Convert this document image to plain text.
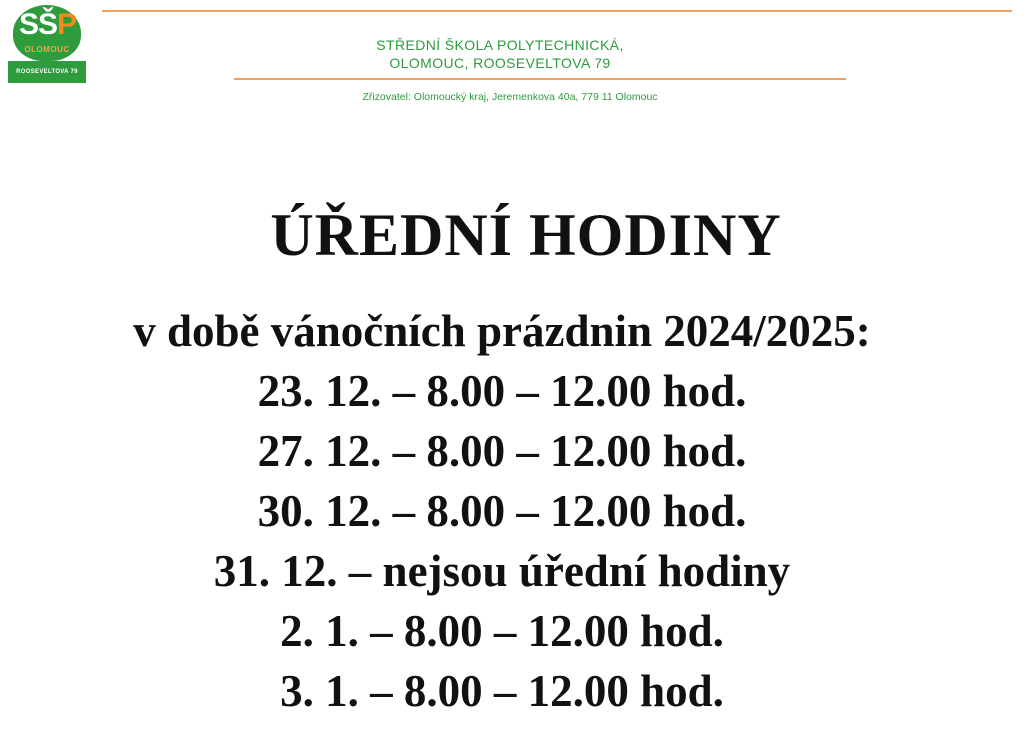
SŠP
OLOMOUC
ROOSEVELTOVA 79
STŘEDNÍ ŠKOLA POLYTECHNICKÁ,
OLOMOUC, ROOSEVELTOVA 79
Zřizovatel: Olomoucký kraj, Jeremenkova 40a, 779 11 Olomouc
ÚŘEDNÍ HODINY
v době vánočních prázdnin 2024/2025:
23. 12. – 8.00 – 12.00 hod.
27. 12. – 8.00 – 12.00 hod.
30. 12. – 8.00 – 12.00 hod.
31. 12. – nejsou úřední hodiny
2. 1. – 8.00 – 12.00 hod.
3. 1. – 8.00 – 12.00 hod.
